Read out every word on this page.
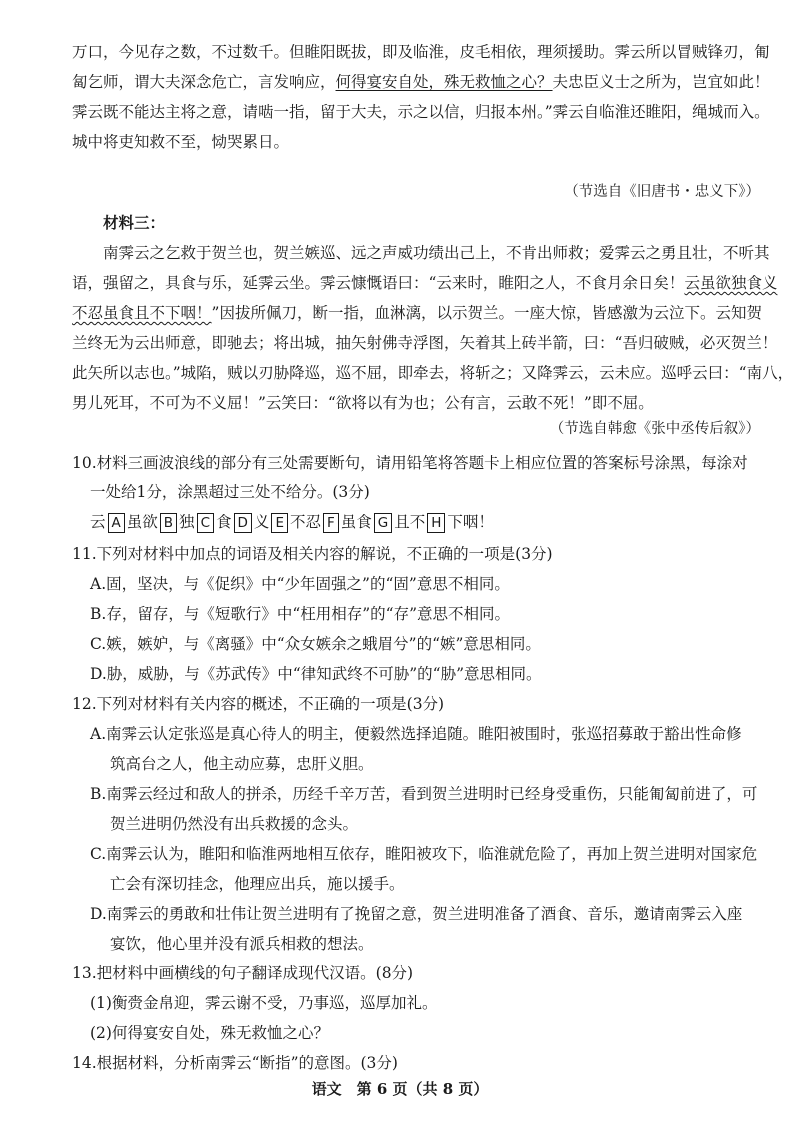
万口，今见存之数，不过数千。但睢阳既拔，即及临淮，皮毛相依，理须援助。霁云所以冒贼锋刃，匍
匐乞师，谓大夫深念危亡，言发响应，何得宴安自处，殊无救恤之心？夫忠臣义士之所为，岂宜如此！
霁云既不能达主将之意，请啮一指，留于大夫，示之以信，归报本州。”霁云自临淮还睢阳，绳城而入。
城中将吏知救不至，恸哭累日。
（节选自《旧唐书・忠义下》）
材料三：
南霁云之乞救于贺兰也，贺兰嫉巡、远之声威功绩出己上，不肯出师救；爱霁云之勇且壮，不听其
语，强留之，具食与乐，延霁云坐。霁云慷慨语曰：“云来时，睢阳之人，不食月余日矣！云虽欲独食义
不忍虽食且不下咽！”因拔所佩刀，断一指，血淋漓，以示贺兰。一座大惊，皆感激为云泣下。云知贺
兰终无为云出师意，即驰去；将出城，抽矢射佛寺浮图，矢着其上砖半箭，曰：“吾归破贼，必灭贺兰！
此矢所以志也。”城陷，贼以刃胁降巡，巡不屈，即牵去，将斩之；又降霁云，云未应。巡呼云曰：“南八，
男儿死耳，不可为不义屈！”云笑曰：“欲将以有为也；公有言，云敢不死！”即不屈。
（节选自韩愈《张中丞传后叙》）
10.材料三画波浪线的部分有三处需要断句，请用铅笔将答题卡上相应位置的答案标号涂黑，每涂对
一处给1分，涂黑超过三处不给分。(3分)
云 A 虽欲 B 独 C 食 D 义 E 不忍 F 虽食 G 且不 H 下咽！
11.下列对材料中加点的词语及相关内容的解说，不正确的一项是(3分)
A.固，坚决，与《促织》中“少年固强之”的“固”意思不相同。
B.存，留存，与《短歌行》中“枉用相存”的“存”意思不相同。
C.嫉，嫉妒，与《离骚》中“众女嫉余之蛾眉兮”的“嫉”意思相同。
D.胁，威胁，与《苏武传》中“律知武终不可胁”的“胁”意思相同。
12.下列对材料有关内容的概述，不正确的一项是(3分)
A.南霁云认定张巡是真心待人的明主，便毅然选择追随。睢阳被围时，张巡招募敢于豁出性命修
筑高台之人，他主动应募，忠肝义胆。
B.南霁云经过和敌人的拼杀，历经千辛万苦，看到贺兰进明时已经身受重伤，只能匍匐前进了，可
贺兰进明仍然没有出兵救援的念头。
C.南霁云认为，睢阳和临淮两地相互依存，睢阳被攻下，临淮就危险了，再加上贺兰进明对国家危
亡会有深切挂念，他理应出兵，施以援手。
D.南霁云的勇敢和壮伟让贺兰进明有了挽留之意，贺兰进明准备了酒食、音乐，邀请南霁云入座
宴饮，他心里并没有派兵相救的想法。
13.把材料中画横线的句子翻译成现代汉语。(8分)
(1)衡赍金帛迎，霁云谢不受，乃事巡，巡厚加礼。
(2)何得宴安自处，殊无救恤之心？
14.根据材料，分析南霁云“断指”的意图。(3分)
语文　第 6 页（共 8 页）
